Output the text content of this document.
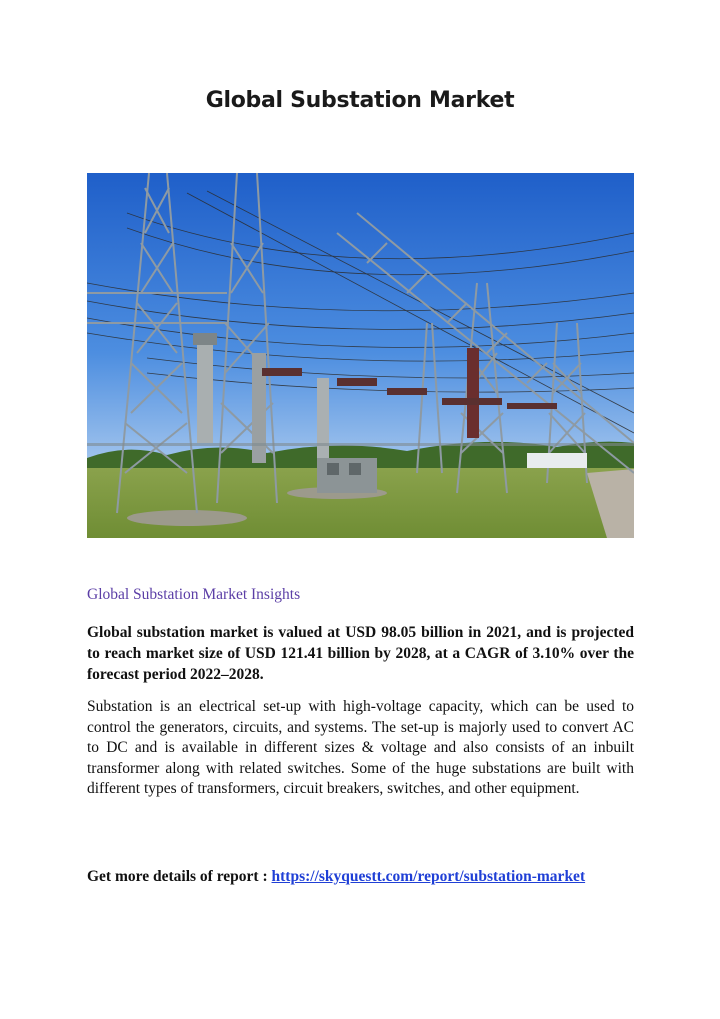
Global Substation Market
Global Substation Market Insights

Global substation market is valued at USD 98.05 billion in 2021, and is projected to reach market size of USD 121.41 billion by 2028, at a CAGR of 3.10% over the forecast period 2022–2028.

Substation is an electrical set-up with high-voltage capacity, which can be used to control the generators, circuits, and systems. The set-up is majorly used to convert AC to DC and is available in different sizes & voltage and also consists of an inbuilt transformer along with related switches. Some of the huge substations are built with different types of transformers, circuit breakers, switches, and other equipment.

Get more details of report : https://skyquestt.com/report/substation-market
